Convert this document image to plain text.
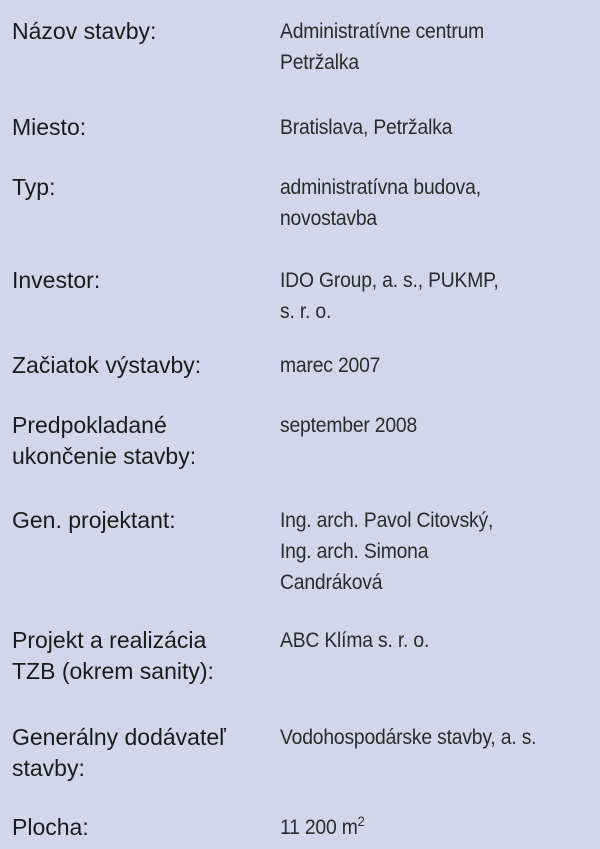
Názov stavby:	Administratívne centrum
Petržalka
Miesto:	Bratislava, Petržalka
Typ:	administratívna budova,
novostavba
Investor:	IDO Group, a. s., PUKMP,
s. r. o.
Začiatok výstavby:	marec 2007
Predpokladané
ukončenie stavby:
september 2008
Gen. projektant:	Ing. arch. Pavol Citovský,
Ing. arch. Simona
Candráková
Projekt a realizácia
TZB (okrem sanity):
ABC Klíma s. r. o.
Generálny dodávateľ
stavby:
Vodohospodárske stavby, a. s.
Plocha:	11 200 $m^2$
